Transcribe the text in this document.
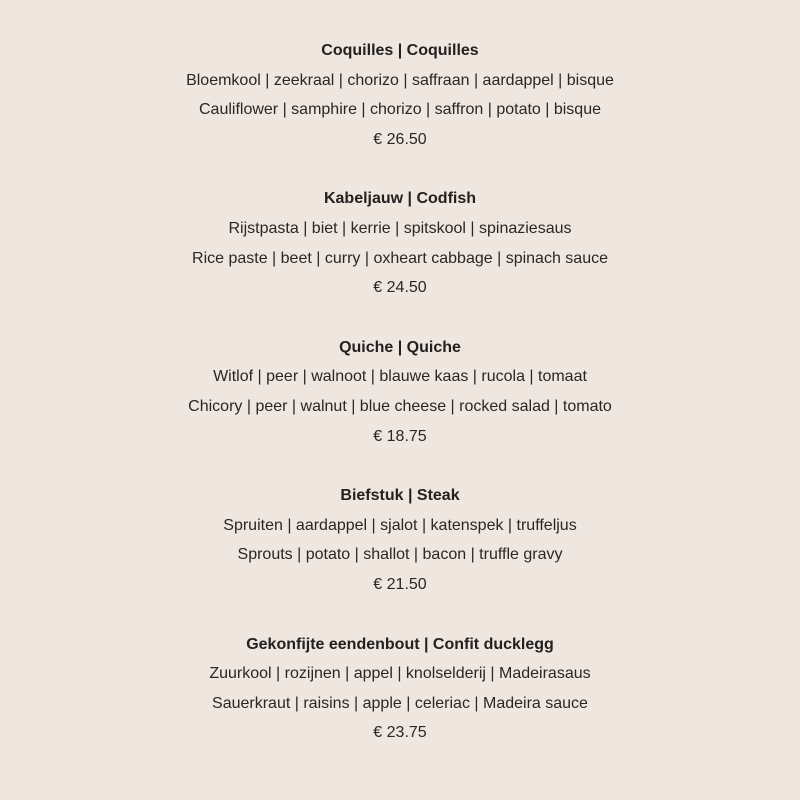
Coquilles | Coquilles
Bloemkool | zeekraal | chorizo | saffraan | aardappel | bisque
Cauliflower | samphire | chorizo | saffron | potato | bisque
€ 26.50
Kabeljauw | Codfish
Rijstpasta | biet | kerrie | spitskool | spinaziesaus
Rice paste | beet | curry | oxheart cabbage | spinach sauce
€ 24.50
Quiche | Quiche
Witlof | peer | walnoot | blauwe kaas | rucola | tomaat
Chicory | peer | walnut | blue cheese | rocked salad | tomato
€ 18.75
Biefstuk | Steak
Spruiten | aardappel | sjalot | katenspek | truffeljus
Sprouts | potato | shallot | bacon | truffle gravy
€ 21.50
Gekonfijte eendenbout | Confit ducklegg
Zuurkool | rozijnen | appel | knolselderij | Madeirasaus
Sauerkraut | raisins | apple | celeriac | Madeira sauce
€ 23.75
